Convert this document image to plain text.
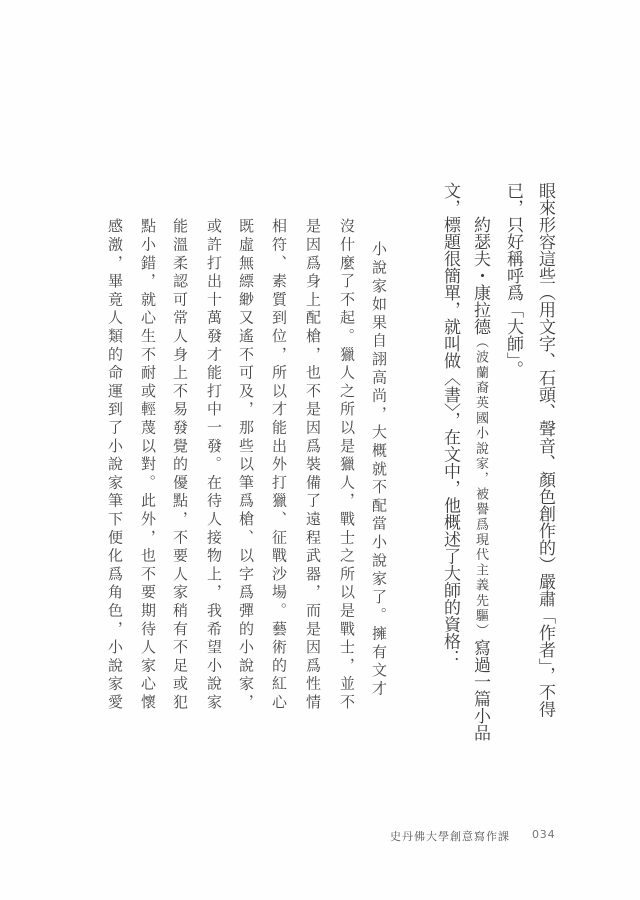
眼來形容這些（用文字、石頭、聲音、顏色創作的）嚴肅「作者」，不得

已，只好稱呼爲「大師」。

約瑟夫・康拉德（波蘭裔英國小說家，被譽爲現代主義先驅）寫過一篇小品

文，標題很簡單，就叫做〈書〉，在文中，他概述了大師的資格：

小說家如果自詡高尚，大概就不配當小說家了。擁有文才

沒什麼了不起。獵人之所以是獵人，戰士之所以是戰士，並不

是因爲身上配槍，也不是因爲裝備了遠程武器，而是因爲性情

相符、素質到位，所以才能出外打獵、征戰沙場。藝術的紅心

既虛無縹緲又遙不可及，那些以筆爲槍、以字爲彈的小說家，

或許打出十萬發才能打中一發。在待人接物上，我希望小說家

能溫柔認可常人身上不易發覺的優點，不要人家稍有不足或犯

點小錯，就心生不耐或輕蔑以對。此外，也不要期待人家心懷

感激，畢竟人類的命運到了小說家筆下便化爲角色，小說家愛

史丹佛大學創意寫作課 034
